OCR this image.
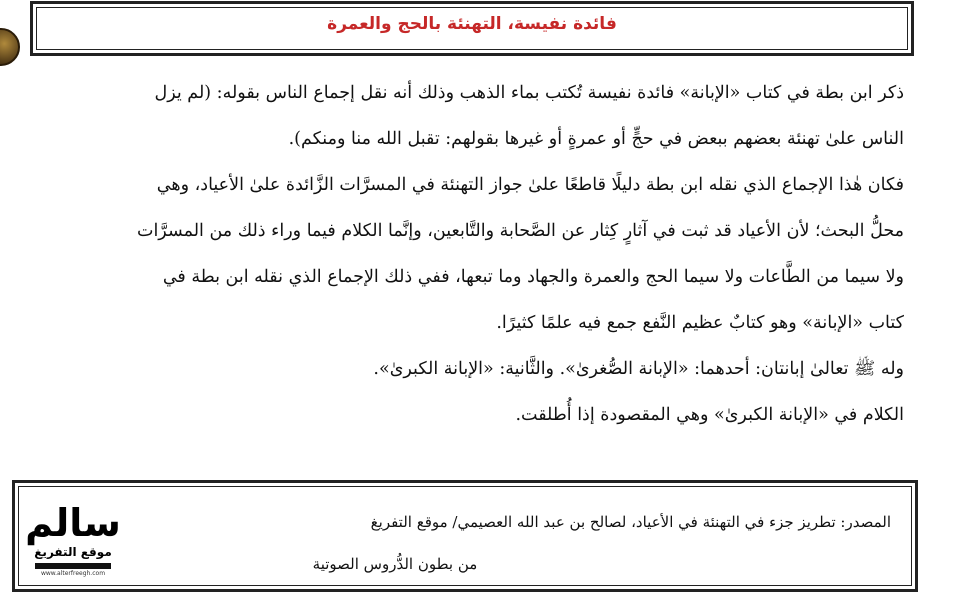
فائدة نفيسة، التهنئة بالحج والعمرة
ذكر ابن بطة في كتاب «الإبانة» فائدة نفيسة تُكتب بماء الذهب وذلك أنه نقل إجماع الناس بقوله: (لم يزل
الناس علىٰ تهنئة بعضهم ببعض في حجٍّ أو عمرةٍ أو غيرها بقولهم: تقبل الله منا ومنكم).
فكان هٰذا الإجماع الذي نقله ابن بطة دليلًا قاطعًا علىٰ جواز التهنئة في المسرَّات الزَّائدة علىٰ الأعياد، وهي
محلُّ البحث؛ لأن الأعياد قد ثبت في آثارٍ كِثار عن الصَّحابة والتَّابعين، وإنَّما الكلام فيما وراء ذلك من المسرَّات
ولا سيما من الطَّاعات ولا سيما الحج والعمرة والجهاد وما تبعها، ففي ذلك الإجماع الذي نقله ابن بطة في
كتاب «الإبانة» وهو كتابٌ عظيم النَّفع جمع فيه علمًا كثيرًا.
وله ﷺ تعالىٰ إبانتان: أحدهما: «الإبانة الصُّغرىٰ». والثَّانية: «الإبانة الكبرىٰ».
الكلام في «الإبانة الكبرىٰ» وهي المقصودة إذا أُطلقت.
المصدر: تطريز جزء في التهنئة في الأعياد، لصالح بن عبد الله العصيمي/ موقع التفريغ
من بطون الدُّروس الصوتية
سالم
موقع التفريغ
www.alterfreegh.com
